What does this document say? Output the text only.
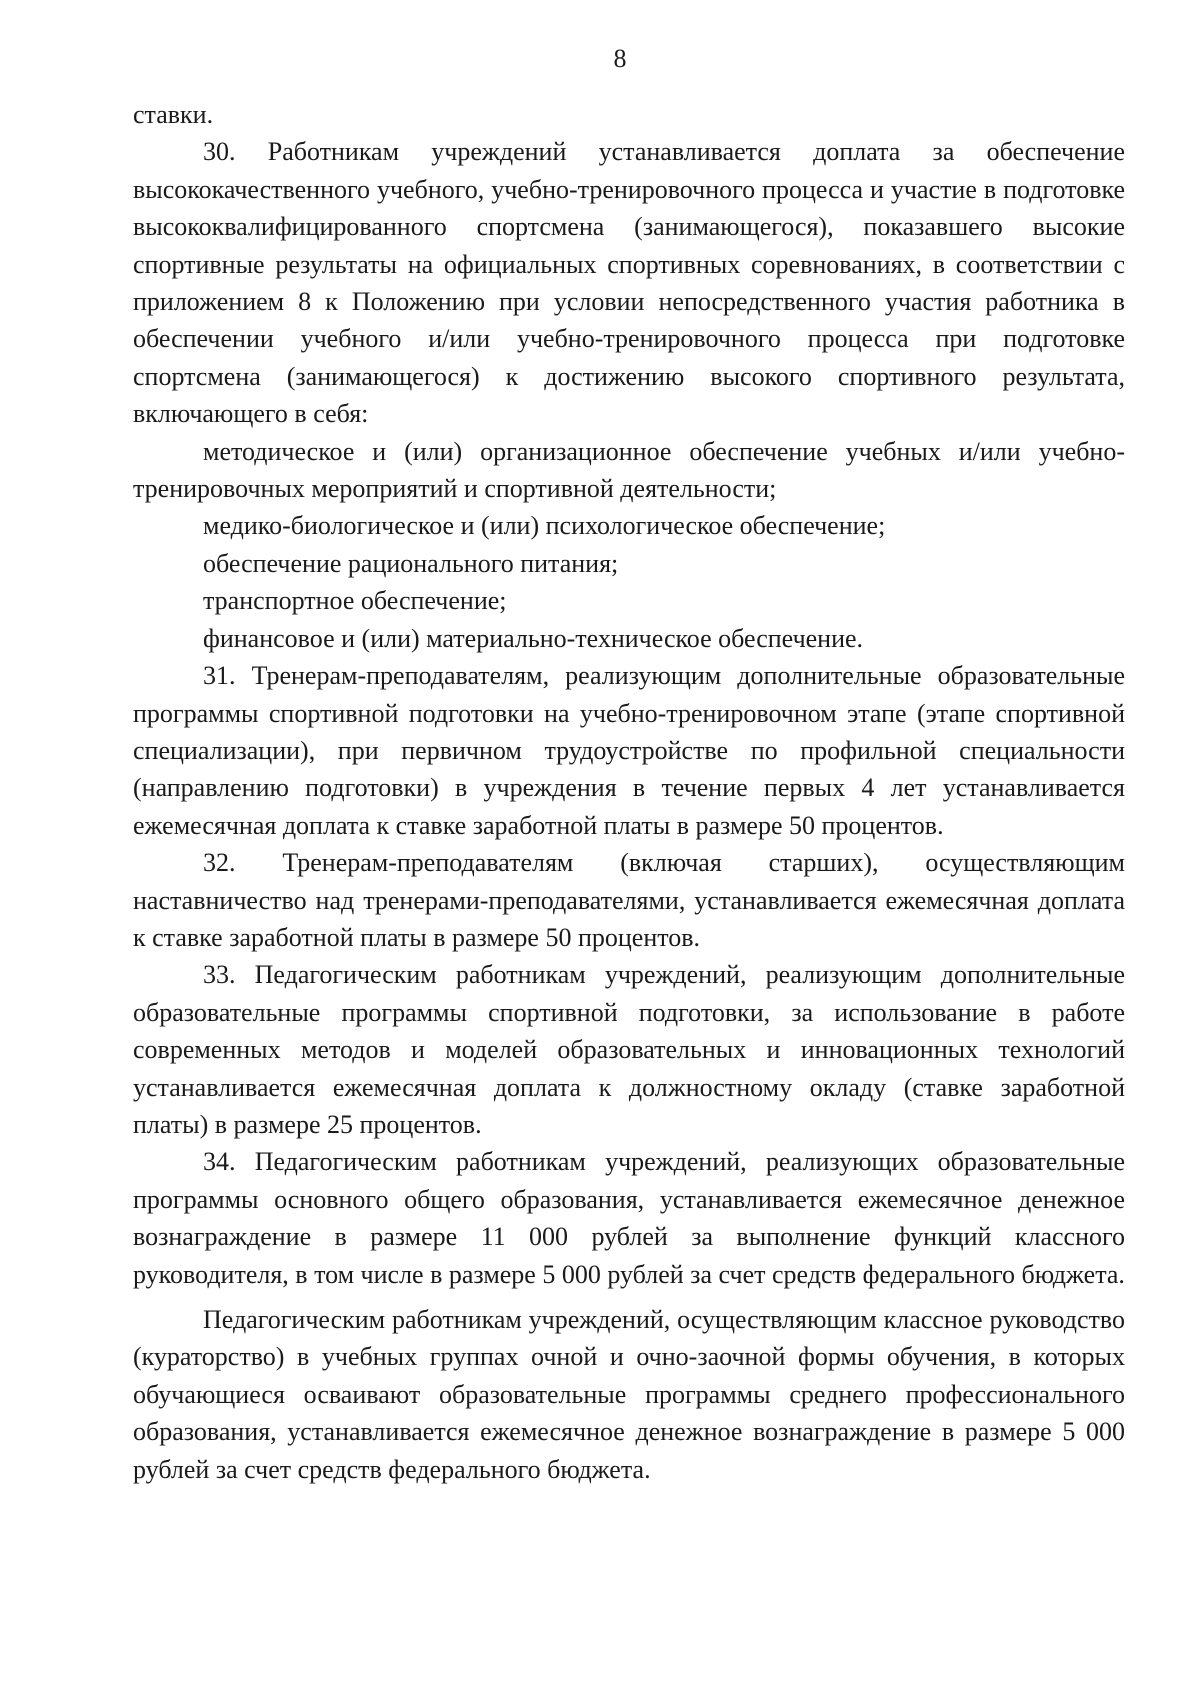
8

ставки.

30. Работникам учреждений устанавливается доплата за обеспечение высококачественного учебного, учебно-тренировочного процесса и участие в подготовке высококвалифицированного спортсмена (занимающегося), показавшего высокие спортивные результаты на официальных спортивных соревнованиях, в соответствии с приложением 8 к Положению при условии непосредственного участия работника в обеспечении учебного и/или учебно-тренировочного процесса при подготовке спортсмена (занимающегося) к достижению высокого спортивного результата, включающего в себя:

методическое и (или) организационное обеспечение учебных и/или учебно-тренировочных мероприятий и спортивной деятельности;

медико-биологическое и (или) психологическое обеспечение;

обеспечение рационального питания;

транспортное обеспечение;

финансовое и (или) материально-техническое обеспечение.

31. Тренерам-преподавателям, реализующим дополнительные образовательные программы спортивной подготовки на учебно-тренировочном этапе (этапе спортивной специализации), при первичном трудоустройстве по профильной специальности (направлению подготовки) в учреждения в течение первых 4 лет устанавливается ежемесячная доплата к ставке заработной платы в размере 50 процентов.

32. Тренерам-преподавателям (включая старших), осуществляющим наставничество над тренерами-преподавателями, устанавливается ежемесячная доплата к ставке заработной платы в размере 50 процентов.

33. Педагогическим работникам учреждений, реализующим дополнительные образовательные программы спортивной подготовки, за использование в работе современных методов и моделей образовательных и инновационных технологий устанавливается ежемесячная доплата к должностному окладу (ставке заработной платы) в размере 25 процентов.

34. Педагогическим работникам учреждений, реализующих образовательные программы основного общего образования, устанавливается ежемесячное денежное вознаграждение в размере 11 000 рублей за выполнение функций классного руководителя, в том числе в размере 5 000 рублей за счет средств федерального бюджета.

Педагогическим работникам учреждений, осуществляющим классное руководство (кураторство) в учебных группах очной и очно-заочной формы обучения, в которых обучающиеся осваивают образовательные программы среднего профессионального образования, устанавливается ежемесячное денежное вознаграждение в размере 5 000 рублей за счет средств федерального бюджета.
